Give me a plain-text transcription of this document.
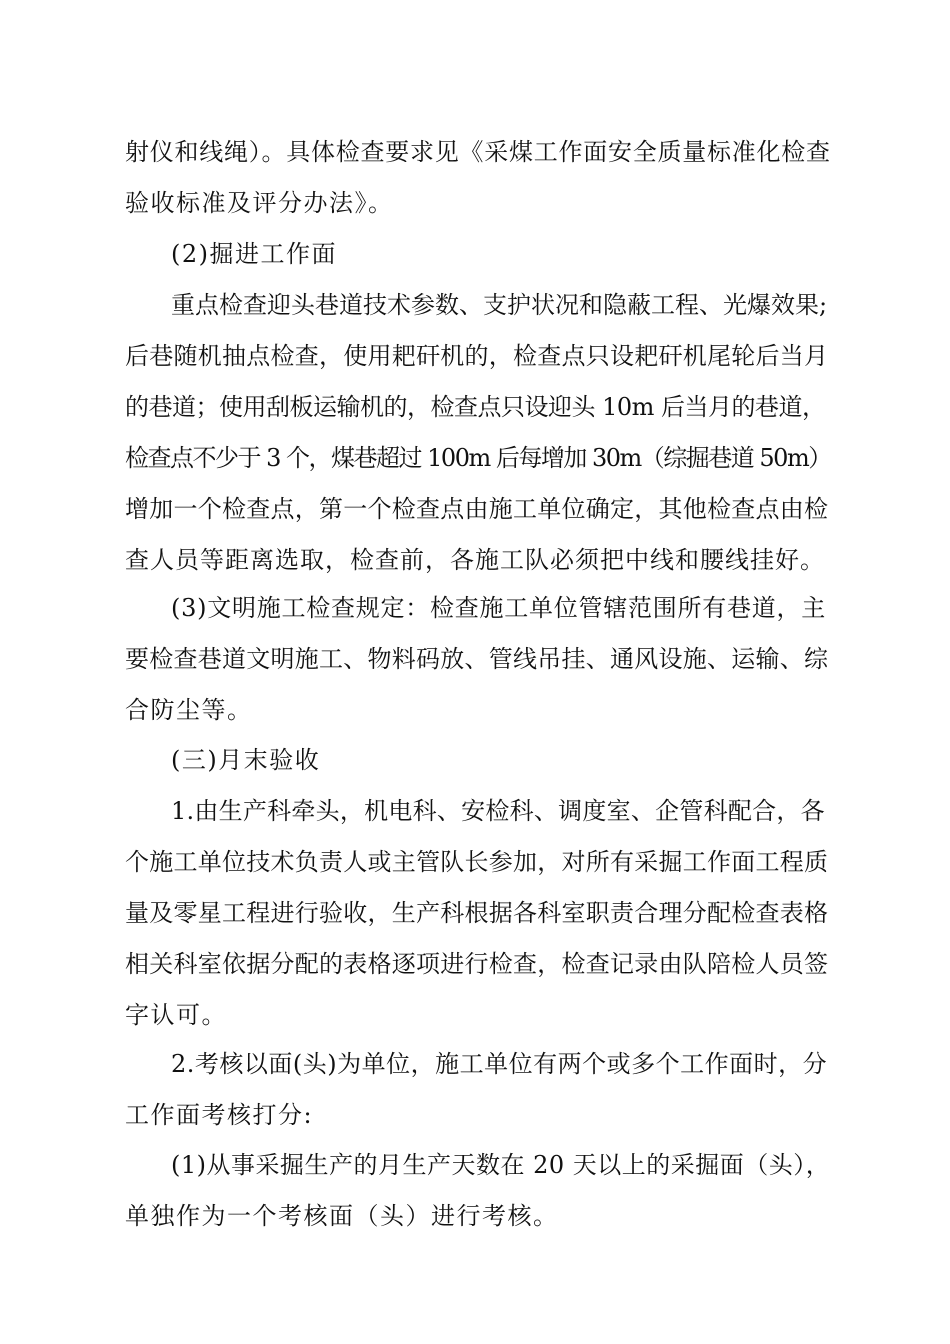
射仪和线绳）。具体检查要求见《采煤工作面安全质量标准化检查
验收标准及评分办法》。

(2)掘进工作面

重点检查迎头巷道技术参数、支护状况和隐蔽工程、光爆效果;
后巷随机抽点检查，使用耙矸机的，检查点只设耙矸机尾轮后当月
的巷道；使用刮板运输机的，检查点只设迎头 10m 后当月的巷道，
检查点不少于 3 个，煤巷超过 100m 后每增加 30m（综掘巷道 50m）
增加一个检查点，第一个检查点由施工单位确定，其他检查点由检
查人员等距离选取，检查前，各施工队必须把中线和腰线挂好。

(3)文明施工检查规定：检查施工单位管辖范围所有巷道，主
要检查巷道文明施工、物料码放、管线吊挂、通风设施、运输、综
合防尘等。

(三)月末验收

1.由生产科牵头，机电科、安检科、调度室、企管科配合，各
个施工单位技术负责人或主管队长参加，对所有采掘工作面工程质
量及零星工程进行验收，生产科根据各科室职责合理分配检查表格
相关科室依据分配的表格逐项进行检查，检查记录由队陪检人员签
字认可。

2.考核以面(头)为单位，施工单位有两个或多个工作面时，分
工作面考核打分:

(1)从事采掘生产的月生产天数在 20 天以上的采掘面（头），
单独作为一个考核面（头）进行考核。
